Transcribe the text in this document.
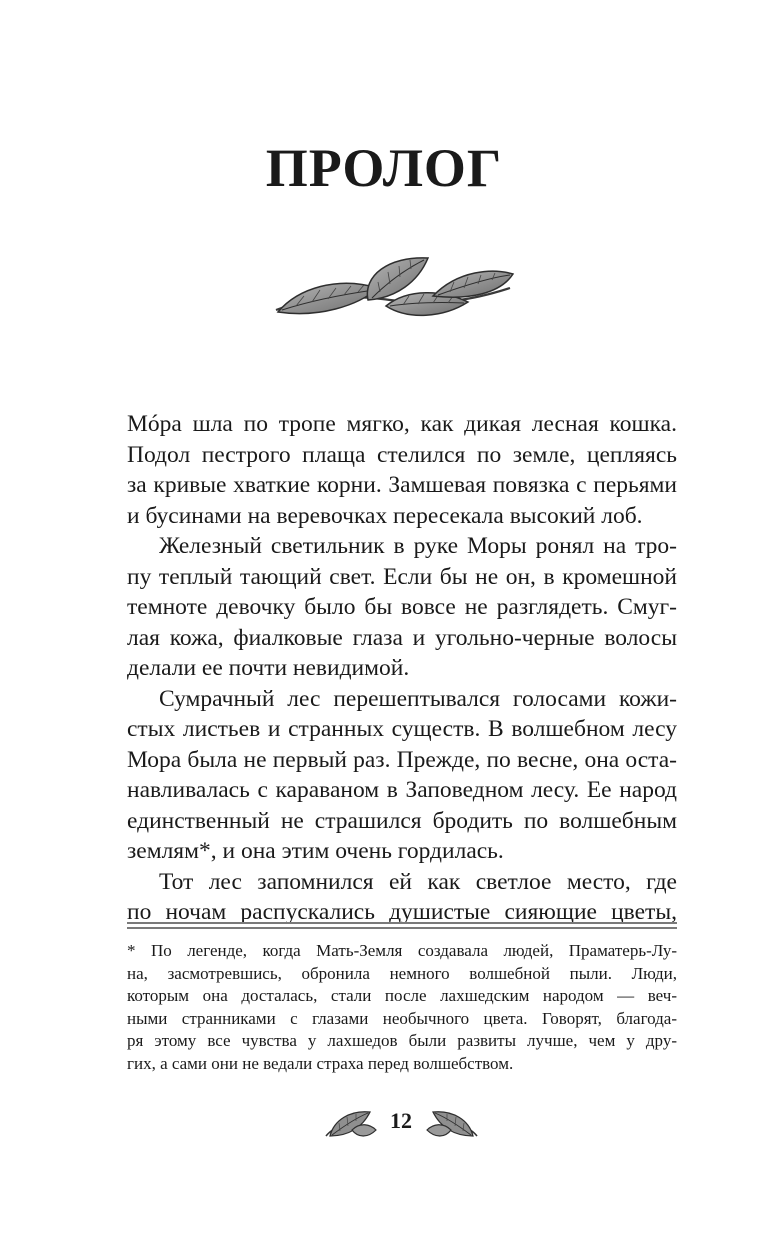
ПРОЛОГ
Мóра шла по тропе мягко, как дикая лесная кошка.
Подол пестрого плаща стелился по земле, цепляясь
за кривые хваткие корни. Замшевая повязка с перьями
и бусинами на веревочках пересекала высокий лоб.
Железный светильник в руке Моры ронял на тро-
пу теплый тающий свет. Если бы не он, в кромешной
темноте девочку было бы вовсе не разглядеть. Смуг-
лая кожа, фиалковые глаза и угольно-черные волосы
делали ее почти невидимой.
Сумрачный лес перешептывался голосами кожи-
стых листьев и странных существ. В волшебном лесу
Мора была не первый раз. Прежде, по весне, она оста-
навливалась с караваном в Заповедном лесу. Ее народ
единственный не страшился бродить по волшебным
землям*, и она этим очень гордилась.
Тот лес запомнился ей как светлое место, где
по ночам распускались душистые сияющие цветы,
* По легенде, когда Мать-Земля создавала людей, Праматерь-Лу-
на, засмотревшись, обронила немного волшебной пыли. Люди,
которым она досталась, стали после лахшедским народом — веч-
ными странниками с глазами необычного цвета. Говорят, благода-
ря этому все чувства у лахшедов были развиты лучше, чем у дру-
гих, а сами они не ведали страха перед волшебством.
12
